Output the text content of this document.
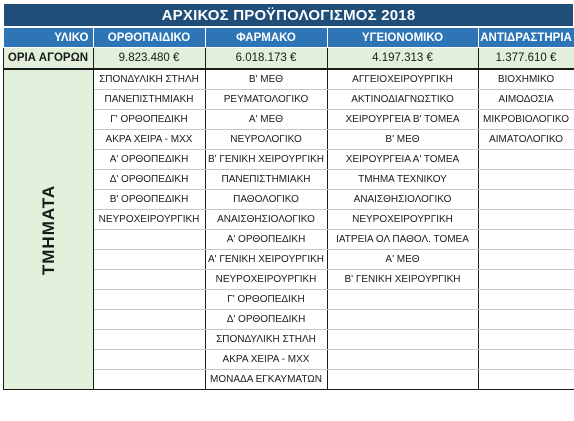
ΑΡΧΙΚΟΣ ΠΡΟΫΠΟΛΟΓΙΣΜΟΣ 2018				
ΥΛΙΚΟ	ΟΡΘΟΠΑΙΔΙΚΟ	ΦΑΡΜΑΚΟ	ΥΓΕΙΟΝΟΜΙΚΟ	ΑΝΤΙΔΡΑΣΤΗΡΙΑ
ΟΡΙΑ ΑΓΟΡΩΝ	9.823.480 €	6.018.173 €	4.197.313 €	1.377.610 €
ΤΜΗΜΑΤΑ	ΣΠΟΝΔΥΛΙΚΗ ΣΤΗΛΗ	Β' ΜΕΘ	ΑΓΓΕΙΟΧΕΙΡΟΥΡΓΙΚΗ	ΒΙΟΧΗΜΙΚΟ
	ΠΑΝΕΠΙΣΤΗΜΙΑΚΗ	ΡΕΥΜΑΤΟΛΟΓΙΚΟ	ΑΚΤΙΝΟΔΙΑΓΝΩΣΤΙΚΟ	ΑΙΜΟΔΟΣΙΑ
	Γ' ΟΡΘΟΠΕΔΙΚΗ	Α' ΜΕΘ	ΧΕΙΡΟΥΡΓΕΙΑ Β' ΤΟΜΕΑ	ΜΙΚΡΟΒΙΟΛΟΓΙΚΟ
	ΑΚΡΑ ΧΕΙΡΑ - ΜΧΧ	ΝΕΥΡΟΛΟΓΙΚΟ	Β' ΜΕΘ	ΑΙΜΑΤΟΛΟΓΙΚΟ
	Α' ΟΡΘΟΠΕΔΙΚΗ	Β' ΓΕΝΙΚΗ ΧΕΙΡΟΥΡΓΙΚΗ	ΧΕΙΡΟΥΡΓΕΙΑ Α' ΤΟΜΕΑ	
	Δ' ΟΡΘΟΠΕΔΙΚΗ	ΠΑΝΕΠΙΣΤΗΜΙΑΚΗ	ΤΜΗΜΑ ΤΕΧΝΙΚΟΥ	
	Β' ΟΡΘΟΠΕΔΙΚΗ	ΠΑΘΟΛΟΓΙΚΟ	ΑΝΑΙΣΘΗΣΙΟΛΟΓΙΚΟ	
	ΝΕΥΡΟΧΕΙΡΟΥΡΓΙΚΗ	ΑΝΑΙΣΘΗΣΙΟΛΟΓΙΚΟ	ΝΕΥΡΟΧΕΙΡΟΥΡΓΙΚΗ	
		Α' ΟΡΘΟΠΕΔΙΚΗ	ΙΑΤΡΕΙΑ ΟΛ ΠΑΘΟΛ. ΤΟΜΕΑ	
		Α' ΓΕΝΙΚΗ ΧΕΙΡΟΥΡΓΙΚΗ	Α' ΜΕΘ	
		ΝΕΥΡΟΧΕΙΡΟΥΡΓΙΚΗ	Β' ΓΕΝΙΚΗ ΧΕΙΡΟΥΡΓΙΚΗ	
		Γ' ΟΡΘΟΠΕΔΙΚΗ		
		Δ' ΟΡΘΟΠΕΔΙΚΗ		
		ΣΠΟΝΔΥΛΙΚΗ ΣΤΗΛΗ		
		ΑΚΡΑ ΧΕΙΡΑ - ΜΧΧ		
		ΜΟΝΑΔΑ ΕΓΚΑΥΜΑΤΩΝ		
